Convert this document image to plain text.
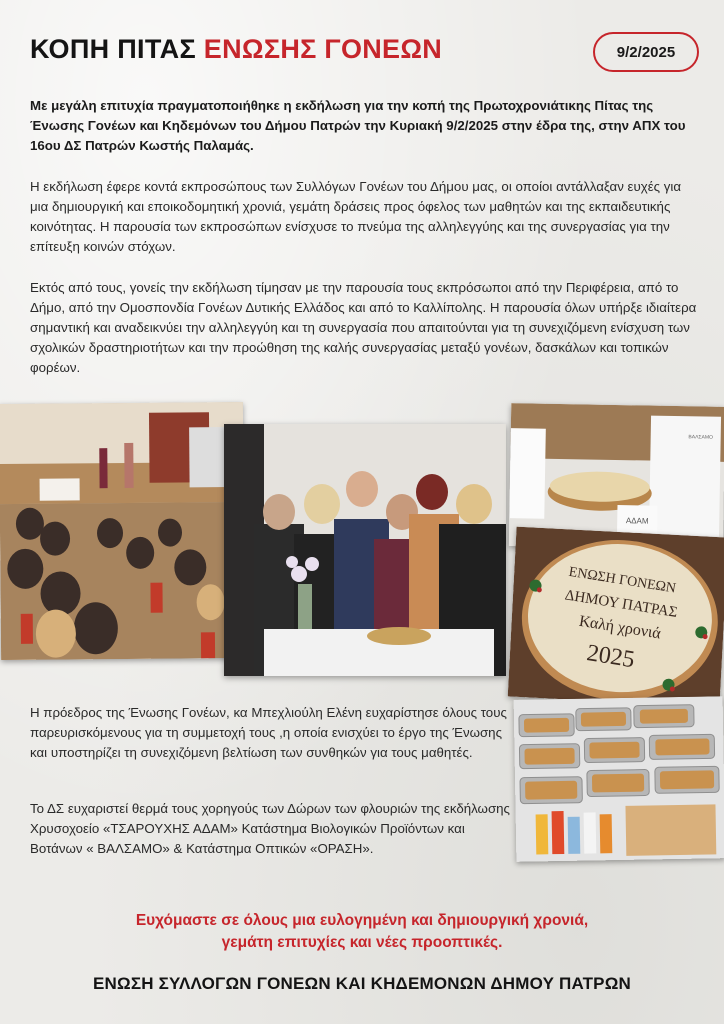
ΚΟΠΗ ΠΙΤΑΣ ΕΝΩΣΗΣ ΓΟΝΕΩΝ	9/2/2025

Με μεγάλη επιτυχία πραγματοποιήθηκε η εκδήλωση για την κοπή της Πρωτοχρονιάτικης Πίτας της Ένωσης Γονέων και Κηδεμόνων του Δήμου Πατρών την Κυριακή 9/2/2025 στην έδρα της, στην ΑΠΧ του 16ου ΔΣ Πατρών Κωστής Παλαμάς.

Η εκδήλωση έφερε κοντά εκπροσώπους των Συλλόγων Γονέων του Δήμου μας, οι οποίοι αντάλλαξαν ευχές για μια δημιουργική και εποικοδομητική χρονιά, γεμάτη δράσεις προς όφελος των μαθητών και της εκπαιδευτικής κοινότητας. Η παρουσία των εκπροσώπων ενίσχυσε το πνεύμα της αλληλεγγύης και της συνεργασίας για την επίτευξη κοινών στόχων.

Εκτός από τους, γονείς την εκδήλωση τίμησαν με την παρουσία τους εκπρόσωποι από την Περιφέρεια, από το Δήμο, από την Ομοσπονδία Γονέων Δυτικής Ελλάδος και από το Καλλίπολης. Η παρουσία όλων υπήρξε ιδιαίτερα σημαντική και αναδεικνύει την αλληλεγγύη και τη συνεργασία που απαιτούνται για τη συνεχιζόμενη ενίσχυση των σχολικών δραστηριοτήτων και την προώθηση της καλής συνεργασίας μεταξύ γονέων, δασκάλων και τοπικών φορέων.

ΑΔΑΜ
ΒΑΛΣΑΜΟ
ΕΝΩΣΗ ΓΟΝΕΩΝ
ΔΗΜΟΥ ΠΑΤΡΑΣ
Καλή χρονιά
2025

Η πρόεδρος της Ένωσης Γονέων, κα Μπεχλιούλη Ελένη ευχαρίστησε όλους τους παρευρισκόμενους για τη συμμετοχή τους ,η οποία ενισχύει το έργο της Ένωσης και υποστηρίζει τη συνεχιζόμενη βελτίωση των συνθηκών για τους μαθητές.

Το ΔΣ ευχαριστεί θερμά τους χορηγούς των Δώρων των φλουριών της εκδήλωσης Χρυσοχοείο «ΤΣΑΡΟΥΧΗΣ ΑΔΑΜ» Κατάστημα Βιολογικών Προϊόντων και Βοτάνων « ΒΑΛΣΑΜΟ» & Κατάστημα Οπτικών «ΟΡΑΣΗ».

Ευχόμαστε σε όλους μια ευλογημένη και δημιουργική χρονιά,
γεμάτη επιτυχίες και νέες προοπτικές.

ΕΝΩΣΗ ΣΥΛΛΟΓΩΝ ΓΟΝΕΩΝ ΚΑΙ ΚΗΔΕΜΟΝΩΝ ΔΗΜΟΥ ΠΑΤΡΩΝ
